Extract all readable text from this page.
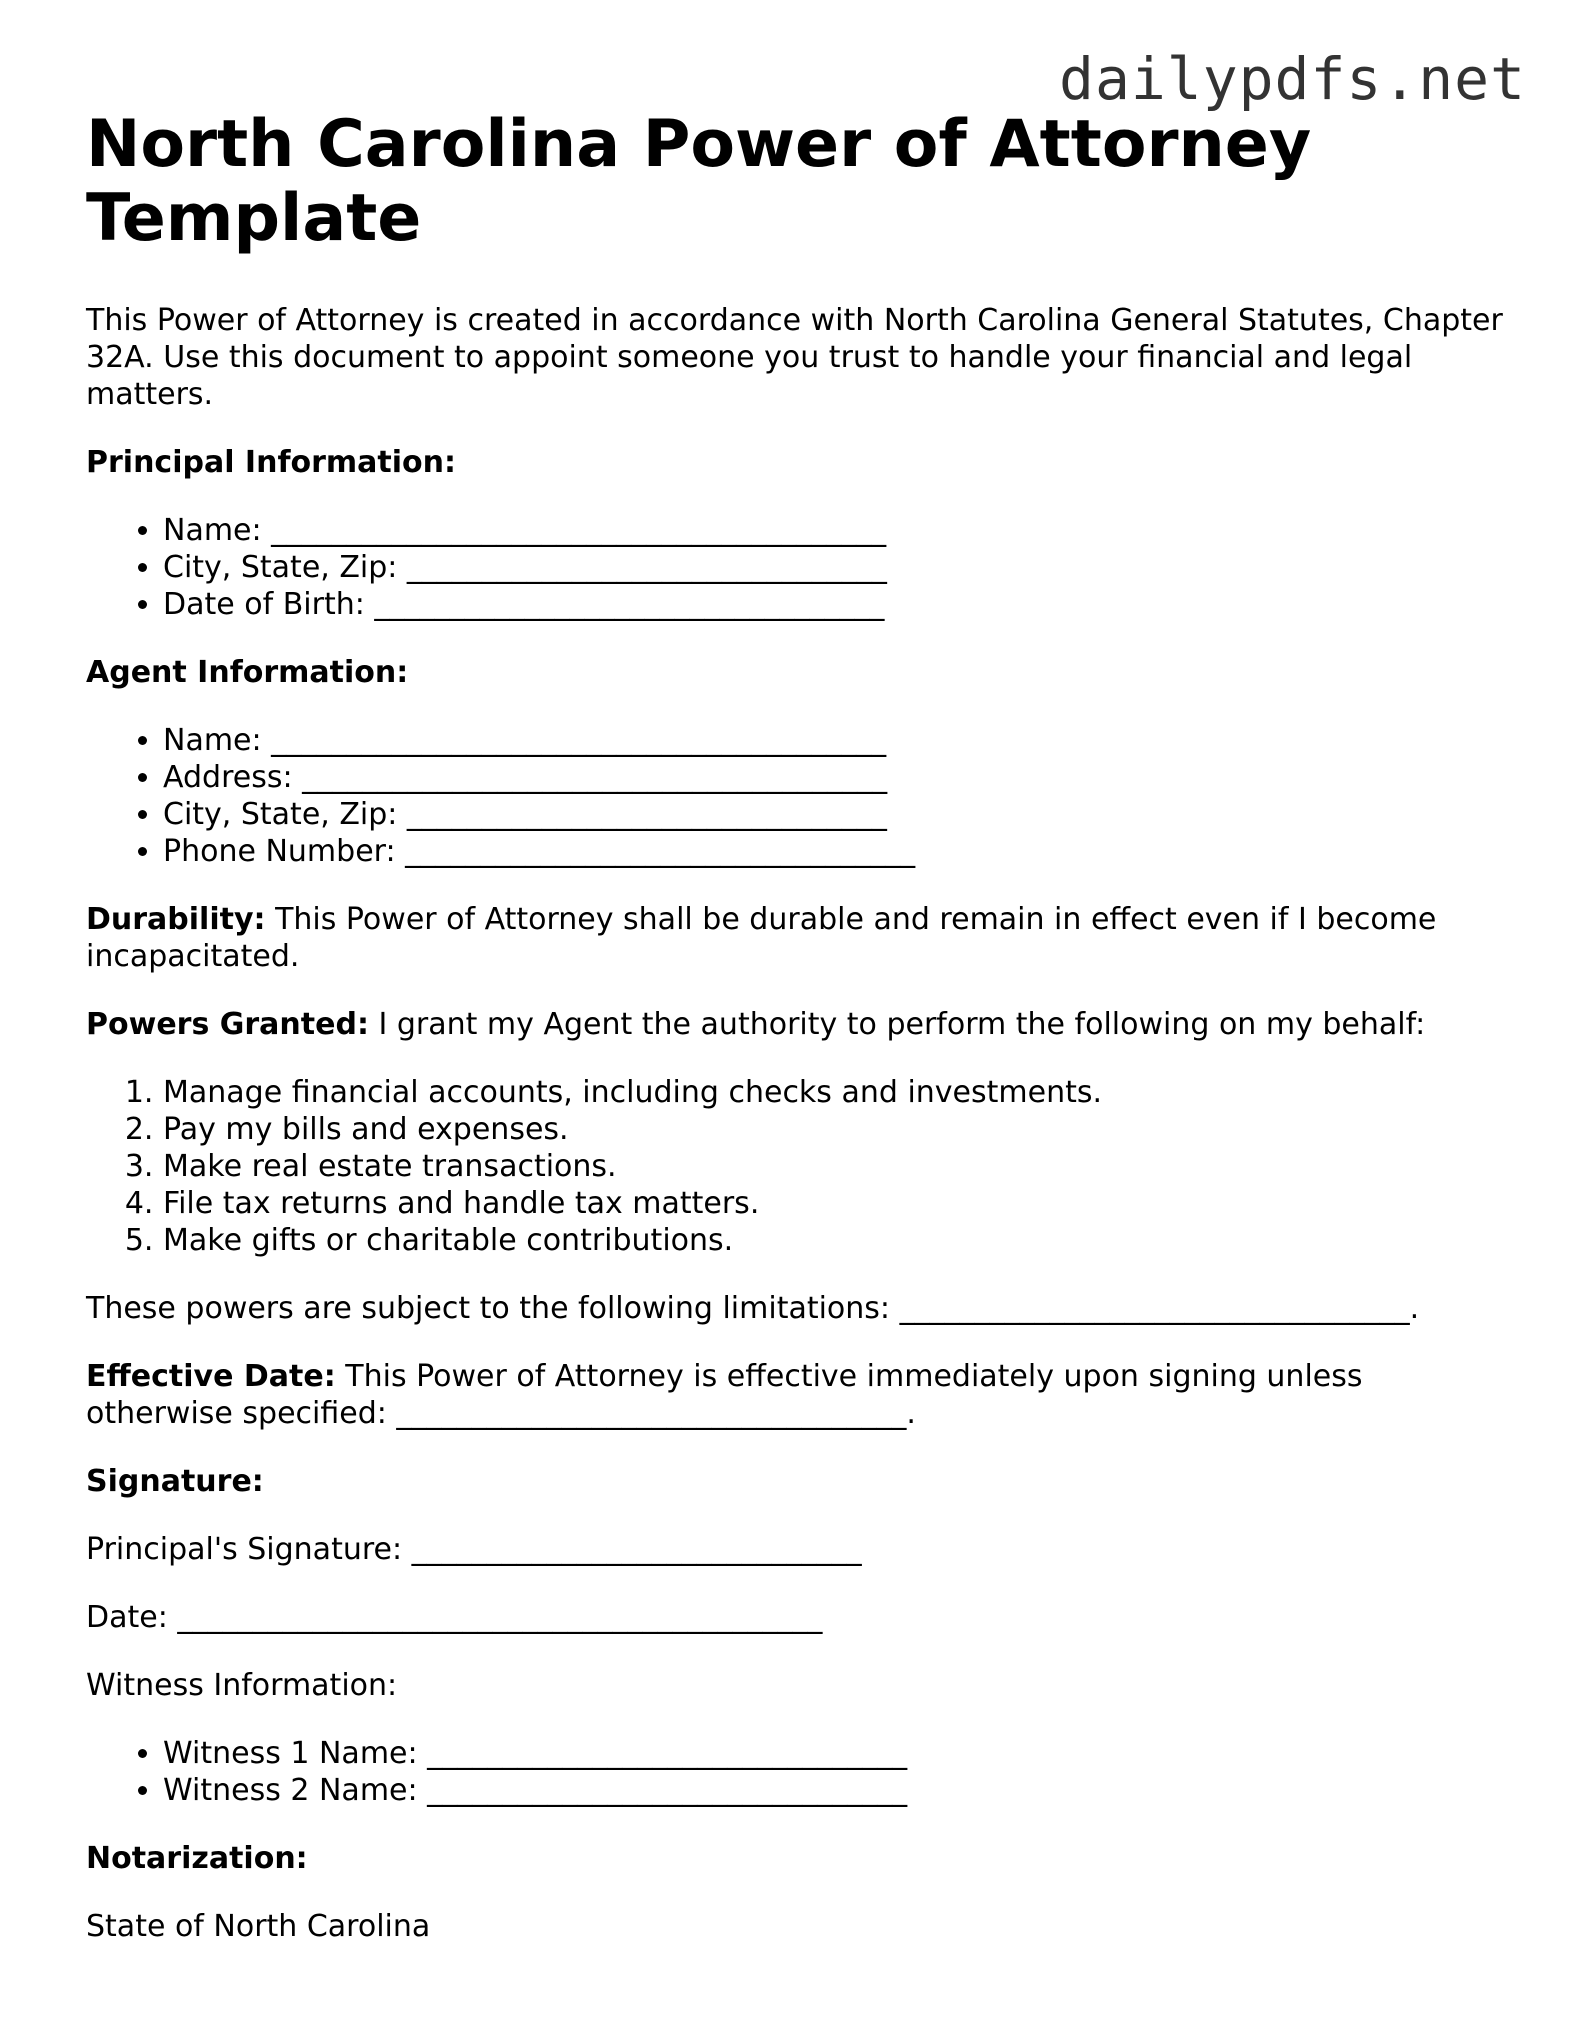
dailypdfs.net
North Carolina Power of Attorney Template

This Power of Attorney is created in accordance with North Carolina General Statutes, Chapter 32A. Use this document to appoint someone you trust to handle your financial and legal matters.

Principal Information:

• Name: _________________________________________
• City, State, Zip: ________________________________
• Date of Birth: __________________________________

Agent Information:

• Name: _________________________________________
• Address: _______________________________________
• City, State, Zip: ________________________________
• Phone Number: __________________________________

Durability: This Power of Attorney shall be durable and remain in effect even if I become incapacitated.

Powers Granted: I grant my Agent the authority to perform the following on my behalf:

1. Manage financial accounts, including checks and investments.
2. Pay my bills and expenses.
3. Make real estate transactions.
4. File tax returns and handle tax matters.
5. Make gifts or charitable contributions.

These powers are subject to the following limitations: __________________________________.

Effective Date: This Power of Attorney is effective immediately upon signing unless otherwise specified: __________________________________.

Signature:

Principal's Signature: ______________________________

Date: ___________________________________________

Witness Information:

• Witness 1 Name: ________________________________
• Witness 2 Name: ________________________________

Notarization:

State of North Carolina
